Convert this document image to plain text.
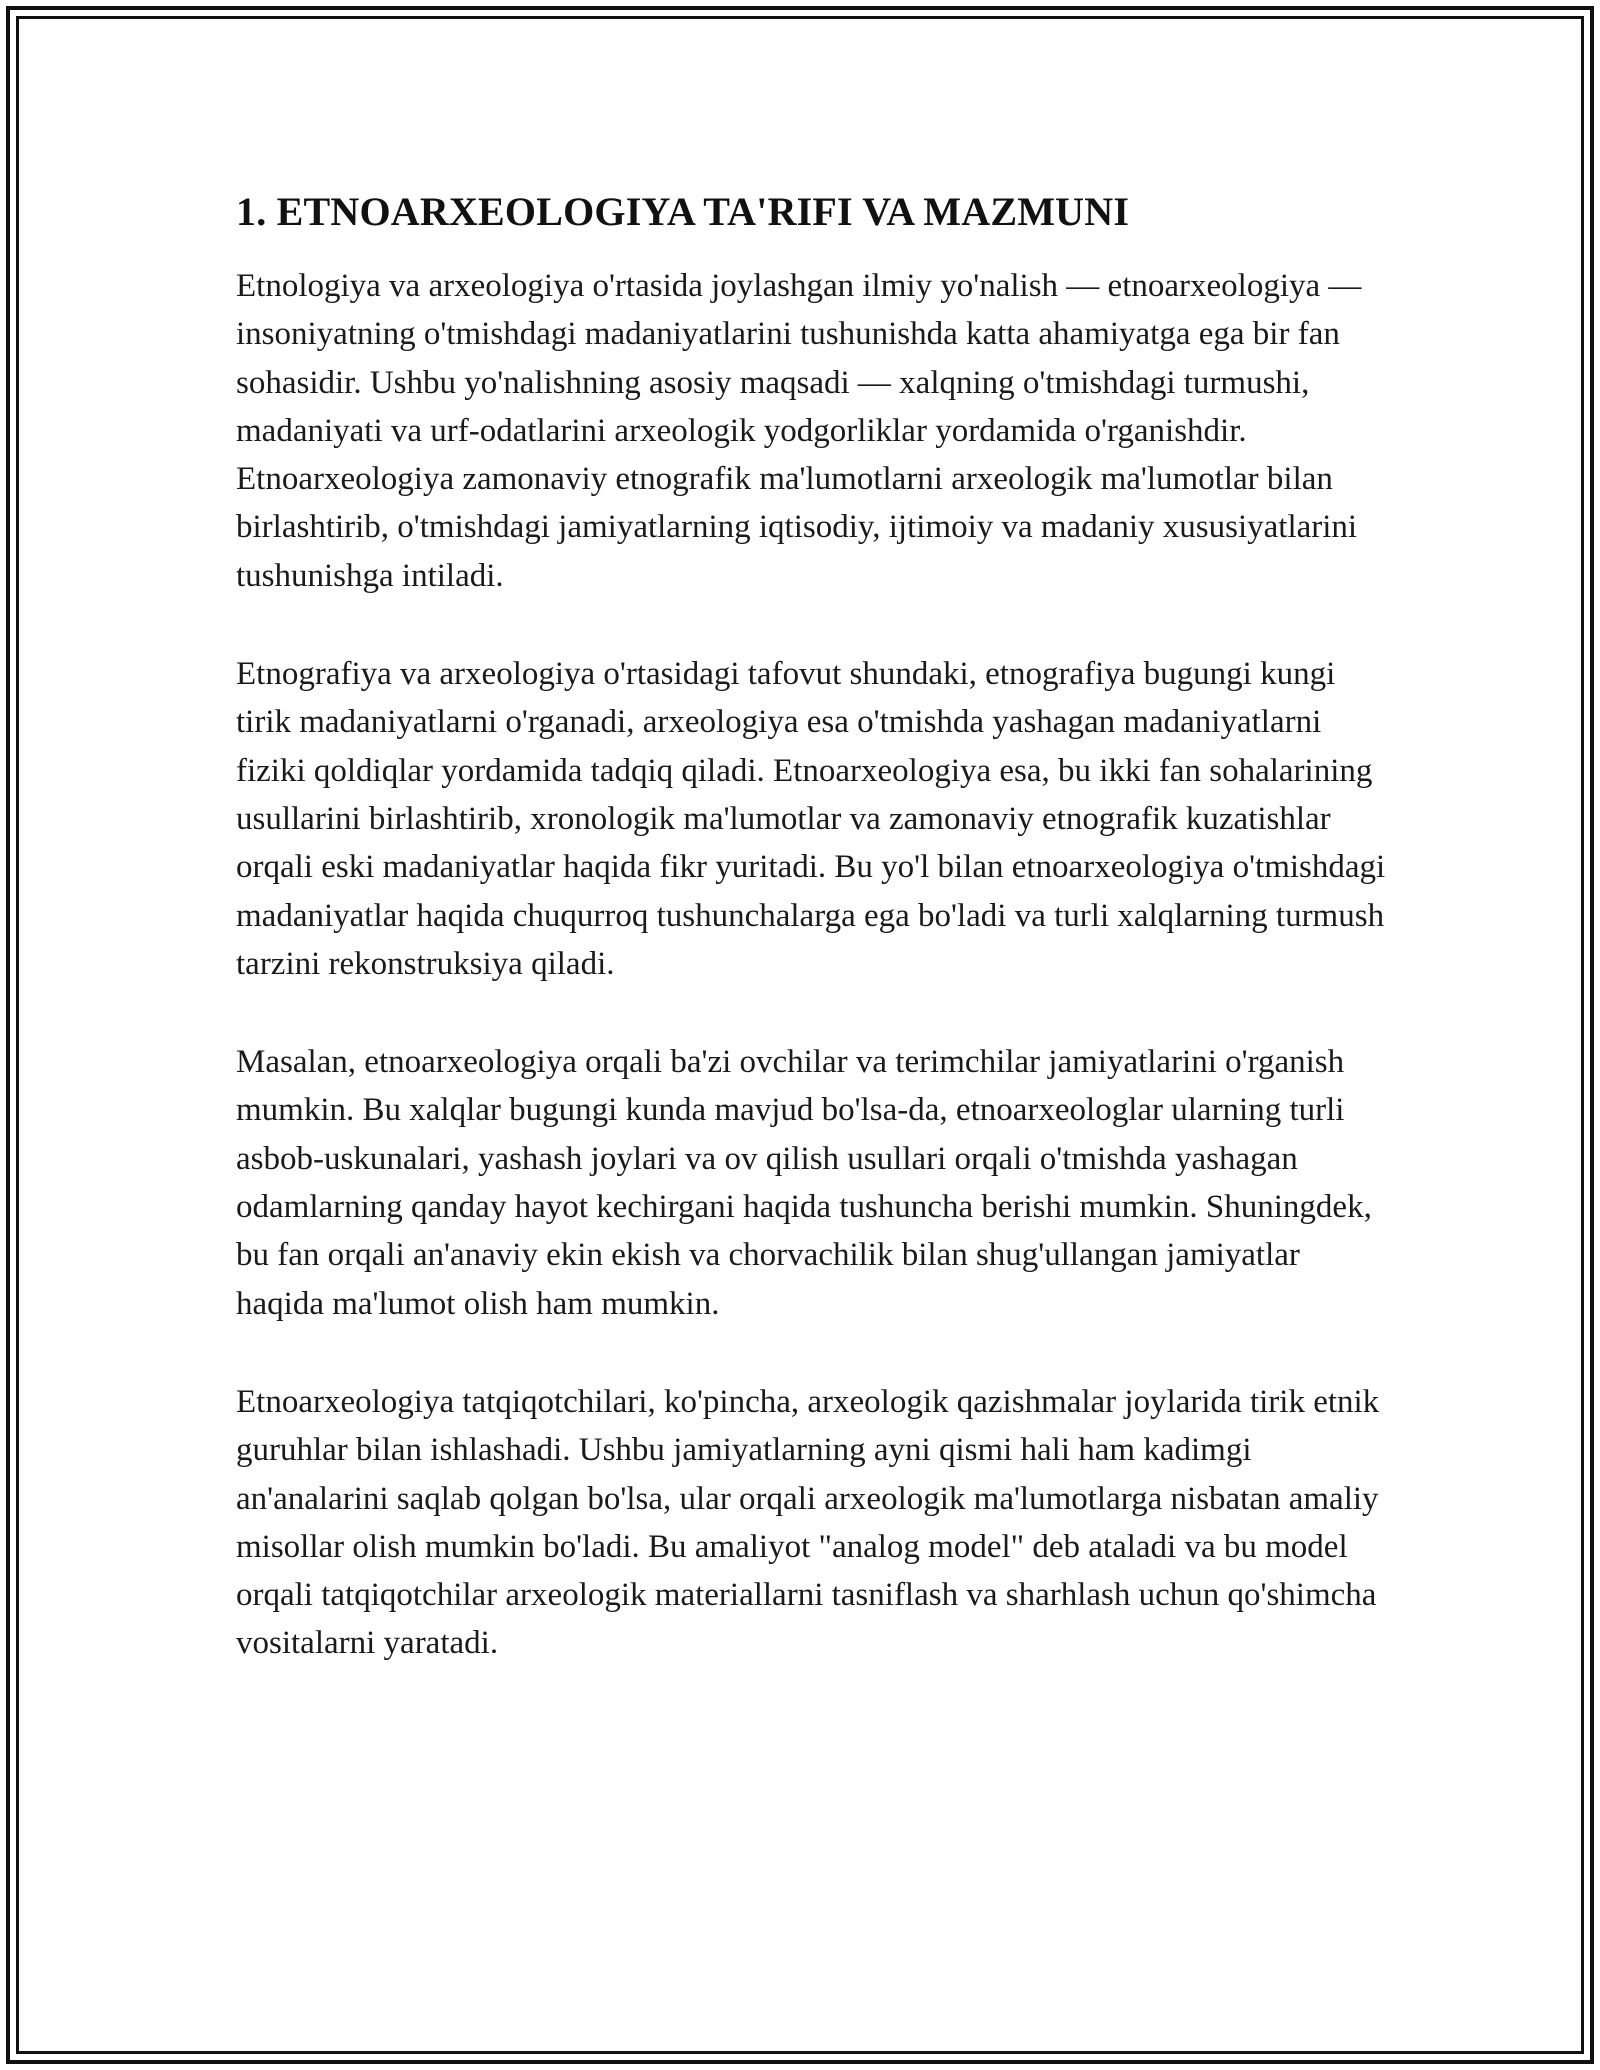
1. ETNOARXEOLOGIYA TA'RIFI VA MAZMUNI

Etnologiya va arxeologiya o'rtasida joylashgan ilmiy yo'nalish — etnoarxeologiya — insoniyatning o'tmishdagi madaniyatlarini tushunishda katta ahamiyatga ega bir fan sohasidir. Ushbu yo'nalishning asosiy maqsadi — xalqning o'tmishdagi turmushi, madaniyati va urf-odatlarini arxeologik yodgorliklar yordamida o'rganishdir. Etnoarxeologiya zamonaviy etnografik ma'lumotlarni arxeologik ma'lumotlar bilan birlashtirib, o'tmishdagi jamiyatlarning iqtisodiy, ijtimoiy va madaniy xususiyatlarini tushunishga intiladi.

Etnografiya va arxeologiya o'rtasidagi tafovut shundaki, etnografiya bugungi kungi tirik madaniyatlarni o'rganadi, arxeologiya esa o'tmishda yashagan madaniyatlarni fiziki qoldiqlar yordamida tadqiq qiladi. Etnoarxeologiya esa, bu ikki fan sohalarining usullarini birlashtirib, xronologik ma'lumotlar va zamonaviy etnografik kuzatishlar orqali eski madaniyatlar haqida fikr yuritadi. Bu yo'l bilan etnoarxeologiya o'tmishdagi madaniyatlar haqida chuqurroq tushunchalarga ega bo'ladi va turli xalqlarning turmush tarzini rekonstruksiya qiladi.

Masalan, etnoarxeologiya orqali ba'zi ovchilar va terimchilar jamiyatlarini o'rganish mumkin. Bu xalqlar bugungi kunda mavjud bo'lsa-da, etnoarxeologlar ularning turli asbob-uskunalari, yashash joylari va ov qilish usullari orqali o'tmishda yashagan odamlarning qanday hayot kechirgani haqida tushuncha berishi mumkin. Shuningdek, bu fan orqali an'anaviy ekin ekish va chorvachilik bilan shug'ullangan jamiyatlar haqida ma'lumot olish ham mumkin.

Etnoarxeologiya tatqiqotchilari, ko'pincha, arxeologik qazishmalar joylarida tirik etnik guruhlar bilan ishlashadi. Ushbu jamiyatlarning ayni qismi hali ham kadimgi an'analarini saqlab qolgan bo'lsa, ular orqali arxeologik ma'lumotlarga nisbatan amaliy misollar olish mumkin bo'ladi. Bu amaliyot "analog model" deb ataladi va bu model orqali tatqiqotchilar arxeologik materiallarni tasniflash va sharhlash uchun qo'shimcha vositalarni yaratadi.
